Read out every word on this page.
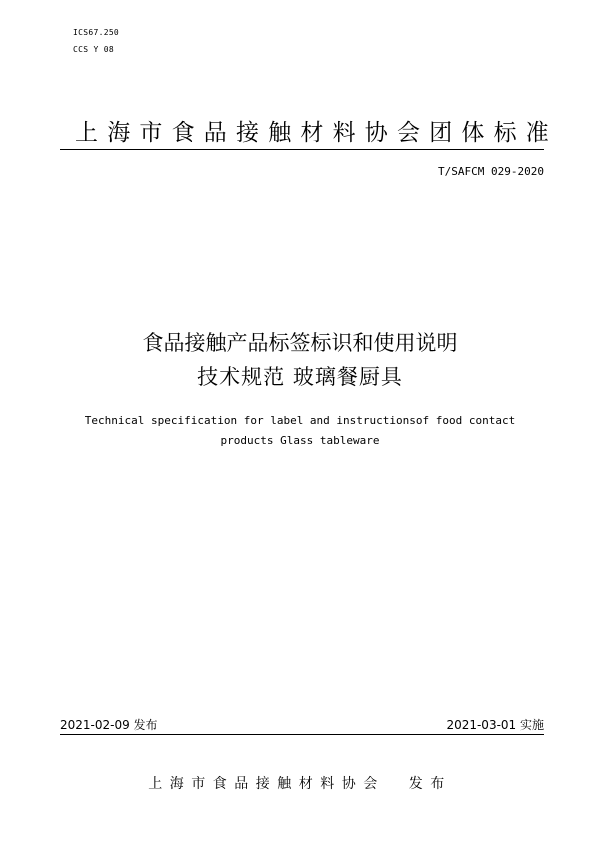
ICS67.250
CCS Y 08
上海市食品接触材料协会团体标准
T/SAFCM 029-2020
食品接触产品标签标识和使用说明
技术规范 玻璃餐厨具
Technical specification for label and instructionsof food contact
products Glass tableware
2021-02-09 发布	2021-03-01 实施
上海市食品接触材料协会  发布
